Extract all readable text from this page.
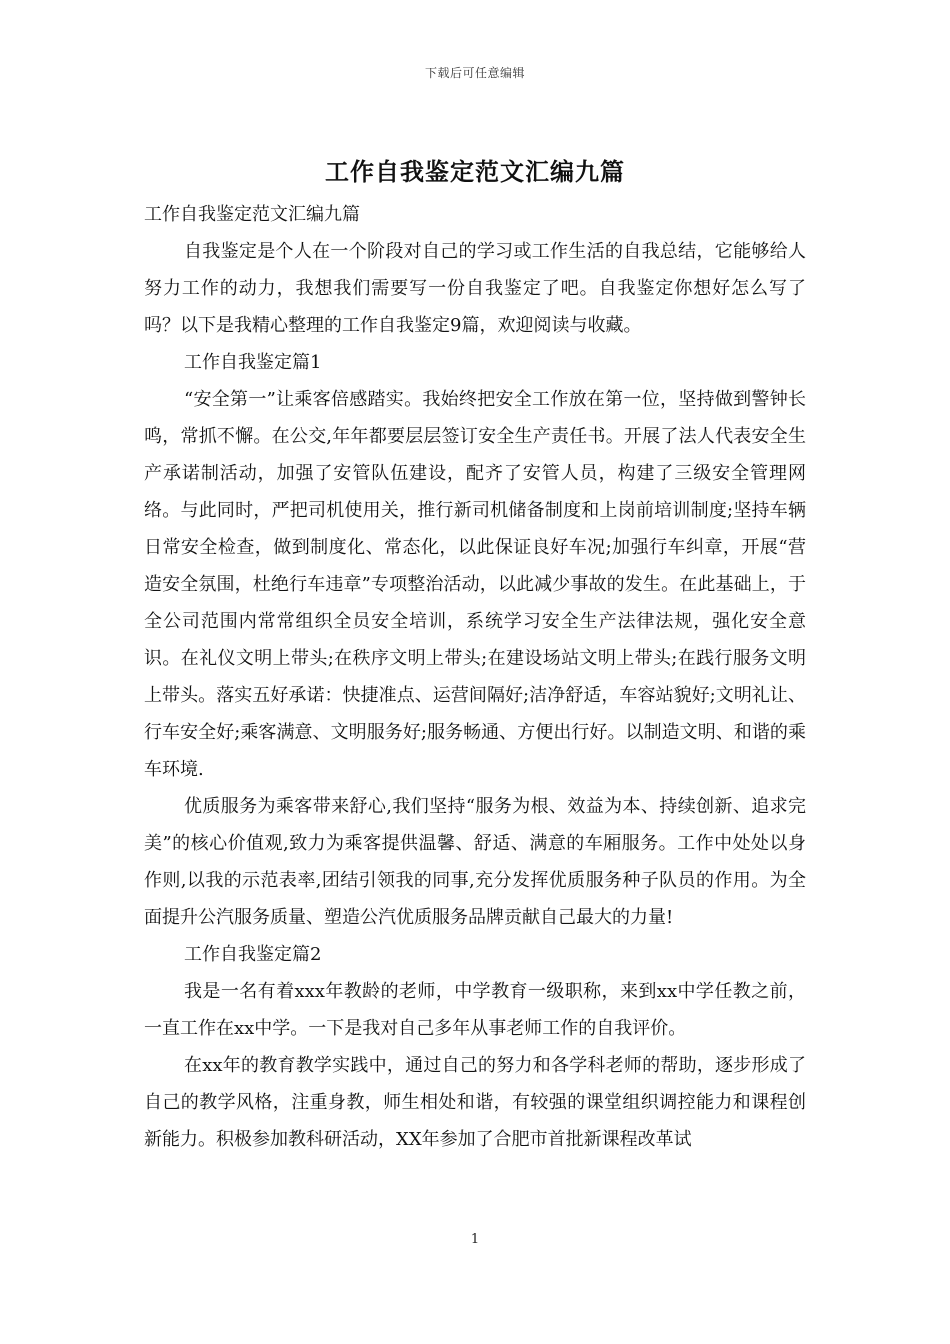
下载后可任意编辑
工作自我鉴定范文汇编九篇

工作自我鉴定范文汇编九篇

自我鉴定是个人在一个阶段对自己的学习或工作生活的自我总结，它能够给人努力工作的动力，我想我们需要写一份自我鉴定了吧。自我鉴定你想好怎么写了吗？以下是我精心整理的工作自我鉴定9篇，欢迎阅读与收藏。

工作自我鉴定篇1

“安全第一”让乘客倍感踏实。我始终把安全工作放在第一位，坚持做到警钟长鸣，常抓不懈。在公交,年年都要层层签订安全生产责任书。开展了法人代表安全生产承诺制活动，加强了安管队伍建设，配齐了安管人员，构建了三级安全管理网络。与此同时，严把司机使用关，推行新司机储备制度和上岗前培训制度;坚持车辆日常安全检查，做到制度化、常态化，以此保证良好车况;加强行车纠章，开展“营造安全氛围，杜绝行车违章”专项整治活动，以此减少事故的发生。在此基础上，于全公司范围内常常组织全员安全培训，系统学习安全生产法律法规，强化安全意识。在礼仪文明上带头;在秩序文明上带头;在建设场站文明上带头;在践行服务文明上带头。落实五好承诺：快捷准点、运营间隔好;洁净舒适，车容站貌好;文明礼让、行车安全好;乘客满意、文明服务好;服务畅通、方便出行好。以制造文明、和谐的乘车环境.

优质服务为乘客带来舒心,我们坚持“服务为根、效益为本、持续创新、追求完美”的核心价值观,致力为乘客提供温馨、舒适、满意的车厢服务。工作中处处以身作则,以我的示范表率,团结引领我的同事,充分发挥优质服务种子队员的作用。为全面提升公汽服务质量、塑造公汽优质服务品牌贡献自己最大的力量!

工作自我鉴定篇2

我是一名有着xxx年教龄的老师，中学教育一级职称，来到xx中学任教之前，一直工作在xx中学。一下是我对自己多年从事老师工作的自我评价。

在xx年的教育教学实践中，通过自己的努力和各学科老师的帮助，逐步形成了自己的教学风格，注重身教，师生相处和谐，有较强的课堂组织调控能力和课程创新能力。积极参加教科研活动，XX年参加了合肥市首批新课程改革试

1
